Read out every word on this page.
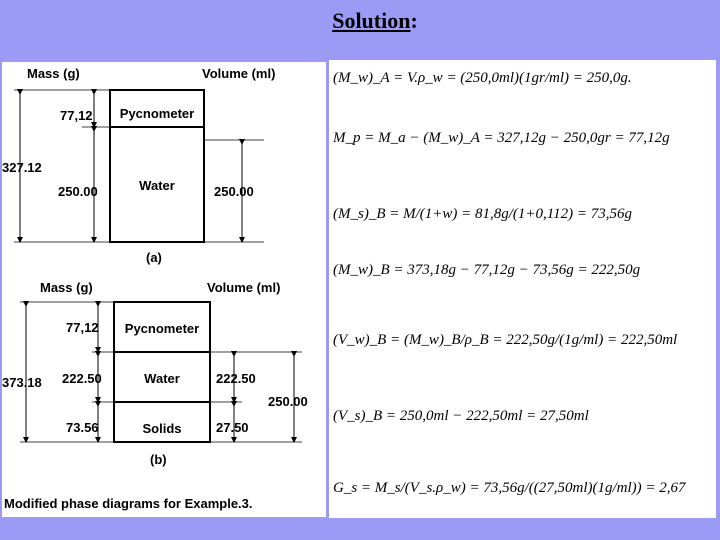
Solution:
Mass (g)	Volume (ml)
Pycnometer
Water
327.12
77,12
250.00	250.00
(a)
Mass (g)	Volume (ml)
Pycnometer
Water
Solids
373.18
77,12
222.50
73.56
222.50
27.50
250.00
(b)
Modified phase diagrams for Example.3.
(M_w)_A = V.ρ_w = (250,0ml)(1gr/ml) = 250,0g.
M_p = M_a − (M_w)_A = 327,12g − 250,0gr = 77,12g
(M_s)_B = M/(1+w) = 81,8g/(1+0,112) = 73,56g
(M_w)_B = 373,18g − 77,12g − 73,56g = 222,50g
(V_w)_B = (M_w)_B/ρ_B = 222,50g/(1g/ml) = 222,50ml
(V_s)_B = 250,0ml − 222,50ml = 27,50ml
G_s = M_s/(V_s.ρ_w) = 73,56g/((27,50ml)(1g/ml)) = 2,67
